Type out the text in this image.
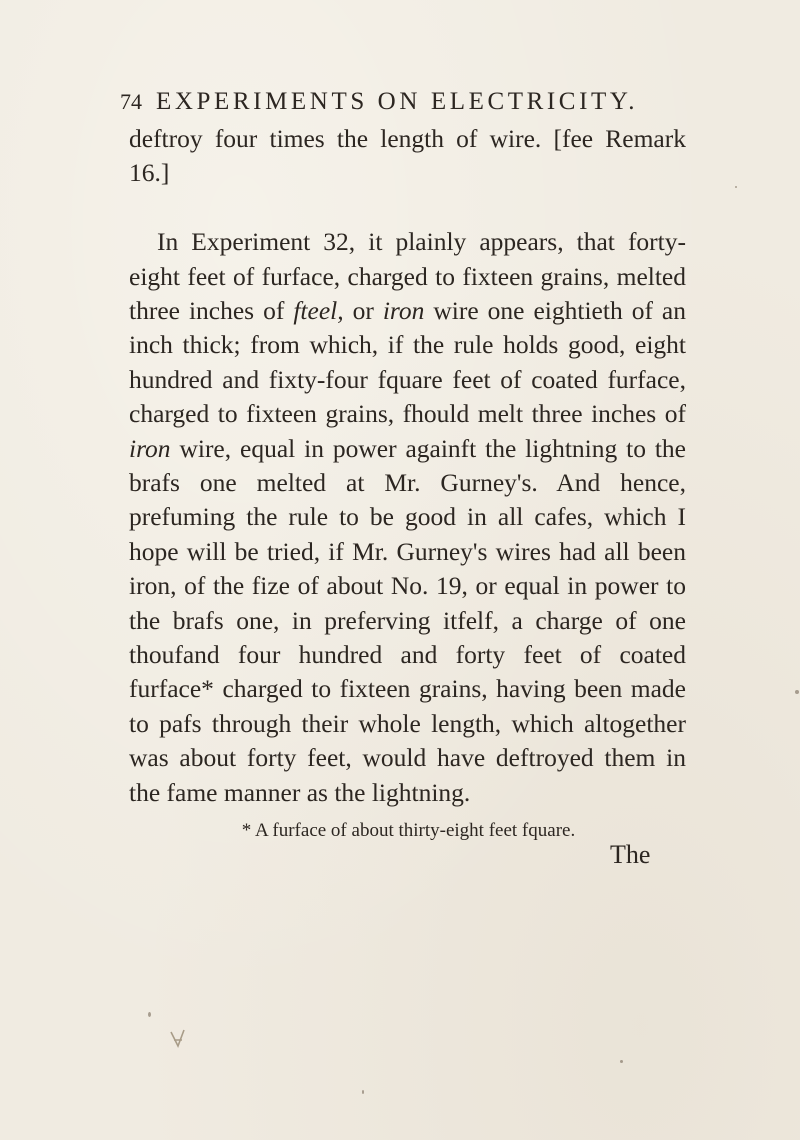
74 EXPERIMENTS ON ELECTRICITY.

deftroy four times the length of wire. [fee Remark 16.]

In Experiment 32, it plainly appears, that forty-eight feet of furface, charged to fixteen grains, melted three inches of fteel, or iron wire one eightieth of an inch thick; from which, if the rule holds good, eight hundred and fixty-four fquare feet of coated furface, charged to fixteen grains, fhould melt three inches of iron wire, equal in power againft the lightning to the brafs one melted at Mr. Gurney's. And hence, prefuming the rule to be good in all cafes, which I hope will be tried, if Mr. Gurney's wires had all been iron, of the fize of about No. 19, or equal in power to the brafs one, in preferving itfelf, a charge of one thoufand four hundred and forty feet of coated furface* charged to fixteen grains, having been made to pafs through their whole length, which altogether was about forty feet, would have deftroyed them in the fame manner as the lightning.

* A furface of about thirty-eight feet fquare.
The
